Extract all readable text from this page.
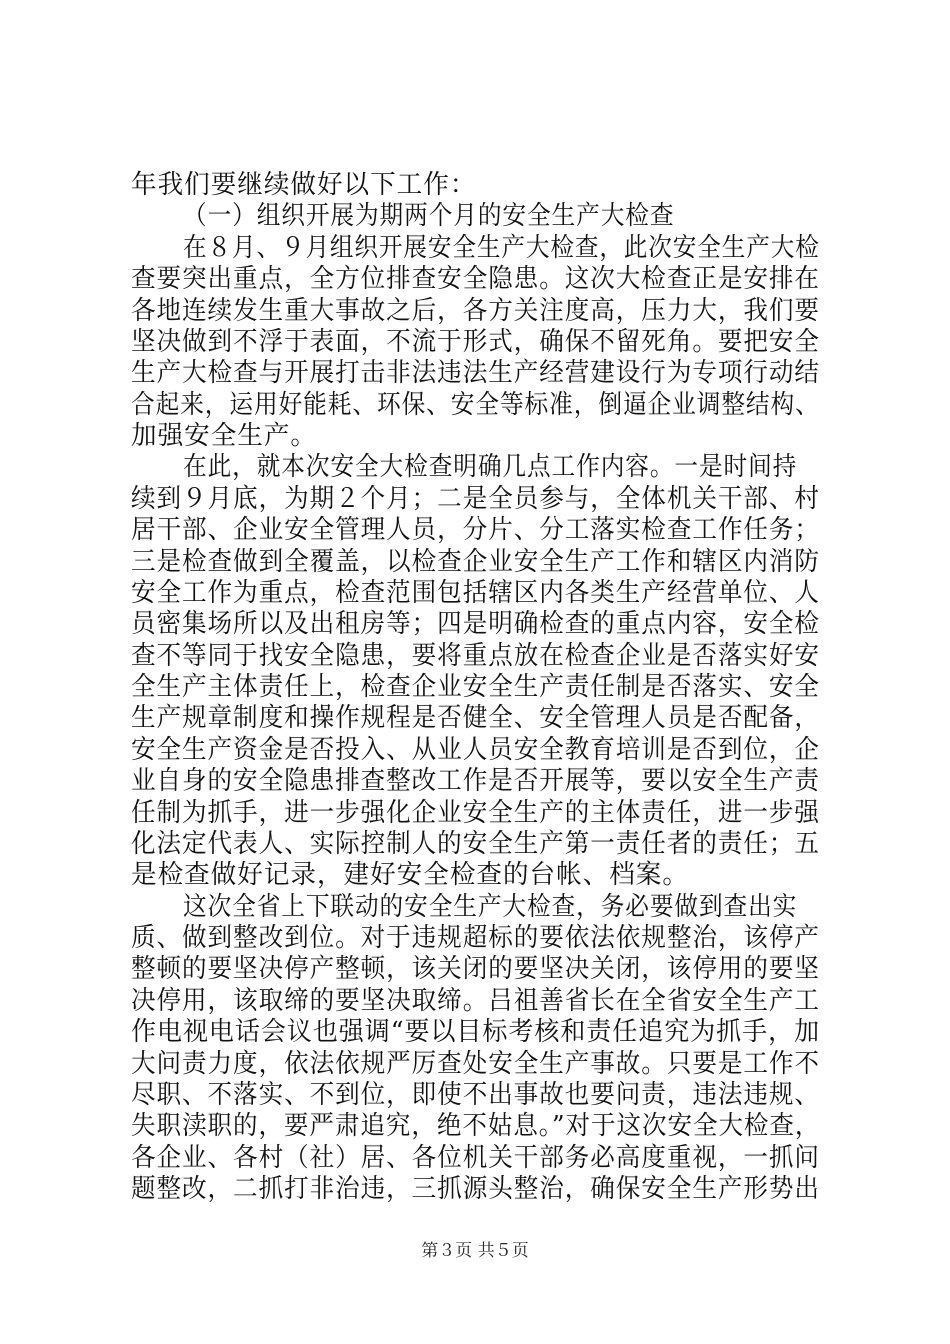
年我们要继续做好以下工作：
（一）组织开展为期两个月的安全生产大检查
在８月、９月组织开展安全生产大检查，此次安全生产大检
查要突出重点，全方位排查安全隐患。这次大检查正是安排在
各地连续发生重大事故之后，各方关注度高，压力大，我们要
坚决做到不浮于表面，不流于形式，确保不留死角。要把安全
生产大检查与开展打击非法违法生产经营建设行为专项行动结
合起来，运用好能耗、环保、安全等标准，倒逼企业调整结构、
加强安全生产。
在此，就本次安全大检查明确几点工作内容。一是时间持
续到９月底，为期２个月；二是全员参与，全体机关干部、村
居干部、企业安全管理人员，分片、分工落实检查工作任务；
三是检查做到全覆盖，以检查企业安全生产工作和辖区内消防
安全工作为重点，检查范围包括辖区内各类生产经营单位、人
员密集场所以及出租房等；四是明确检查的重点内容，安全检
查不等同于找安全隐患，要将重点放在检查企业是否落实好安
全生产主体责任上，检查企业安全生产责任制是否落实、安全
生产规章制度和操作规程是否健全、安全管理人员是否配备，
安全生产资金是否投入、从业人员安全教育培训是否到位，企
业自身的安全隐患排查整改工作是否开展等，要以安全生产责
任制为抓手，进一步强化企业安全生产的主体责任，进一步强
化法定代表人、实际控制人的安全生产第一责任者的责任；五
是检查做好记录，建好安全检查的台帐、档案。
这次全省上下联动的安全生产大检查，务必要做到查出实
质、做到整改到位。对于违规超标的要依法依规整治，该停产
整顿的要坚决停产整顿，该关闭的要坚决关闭，该停用的要坚
决停用，该取缔的要坚决取缔。吕祖善省长在全省安全生产工
作电视电话会议也强调“要以目标考核和责任追究为抓手，加
大问责力度，依法依规严厉查处安全生产事故。只要是工作不
尽职、不落实、不到位，即使不出事故也要问责，违法违规、
失职渎职的，要严肃追究，绝不姑息。”对于这次安全大检查，
各企业、各村（社）居、各位机关干部务必高度重视，一抓问
题整改，二抓打非治违，三抓源头整治，确保安全生产形势出
第３页 共５页
